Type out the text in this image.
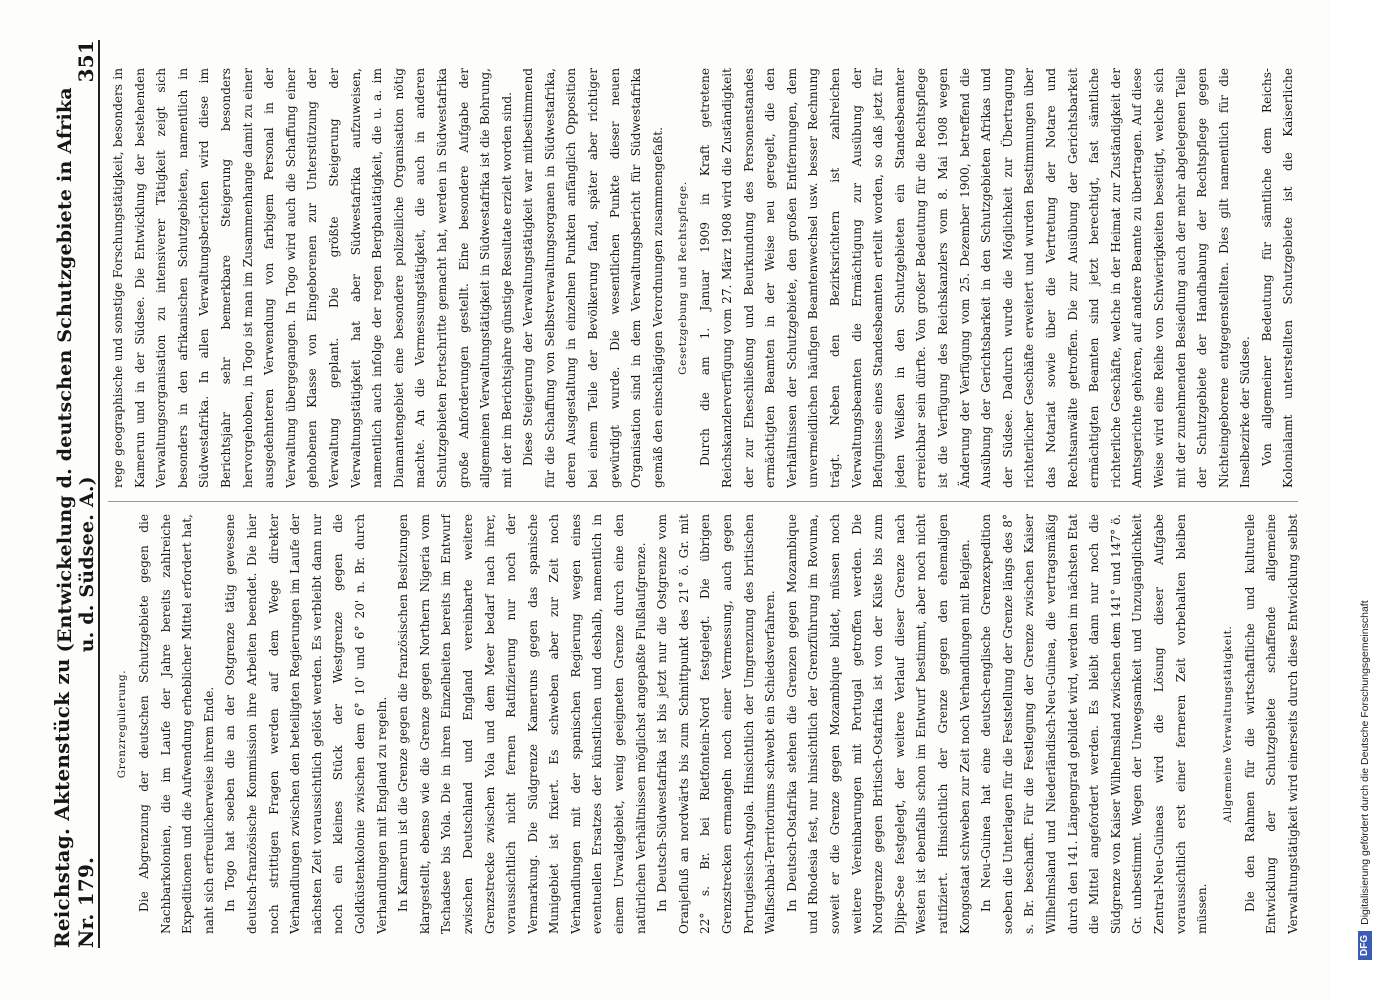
Reichstag. Aktenstück zu Nr. 179.
(Entwickelung d. deutschen Schutzgebiete in Afrika u. d. Südsee. A.)
351
Grenzregulierung. Die Abgrenzung der deutschen Schutzgebiete gegen die Nachbarkolonien, die im Laufe der Jahre bereits zahlreiche Expeditionen und die Aufwendung erheblicher Mittel erfordert hat, naht sich erfreulicherweise ihrem Ende. In Togo hat soeben die an der Ostgrenze tätig gewesene deutsch-französische Kommission ihre Arbeiten beendet. Die hier noch strittigen Fragen werden auf dem Wege direkter Verhandlungen zwischen den beteiligten Regierungen im Laufe der nächsten Zeit voraussichtlich gelöst werden. Es verbleibt dann nur noch ein kleines Stück der Westgrenze gegen die Goldküstenkolonie zwischen dem 6° 10' und 6° 20' n. Br. durch Verhandlungen mit England zu regeln. In Kamerun ist die Grenze gegen die französischen Besitzungen klargestellt, ebenso wie die Grenze gegen Northern Nigeria vom Tschadsee bis Yola. Die in ihren Einzelheiten bereits im Entwurf zwischen Deutschland und England vereinbarte weitere Grenzstrecke zwischen Yola und dem Meer bedarf nach ihrer, voraussichtlich nicht fernen Ratifizierung nur noch der Vermarkung. Die Südgrenze Kameruns gegen das spanische Munigebiet ist fixiert. Es schweben aber zur Zeit noch Verhandlungen mit der spanischen Regierung wegen eines eventuellen Ersatzes der künstlichen und deshalb, namentlich in einem Urwaldgebiet, wenig geeigneten Grenze durch eine den natürlichen Verhältnissen möglichst angepaßte Flußlaufgrenze. In Deutsch-Südwestafrika ist bis jetzt nur die Ostgrenze vom Oranjefluß an nordwärts bis zum Schnittpunkt des 21° ö. Gr. mit 22° s. Br. bei Rietfontein-Nord festgelegt. Die übrigen Grenzstrecken ermangeln noch einer Vermessung, auch gegen Portugiesisch-Angola. Hinsichtlich der Umgrenzung des britischen Walfischbai-Territoriums schwebt ein Schiedsverfahren. In Deutsch-Ostafrika stehen die Grenzen gegen Mozambique und Rhodesia fest, nur hinsichtlich der Grenzführung im Rovuma, soweit er die Grenze gegen Mozambique bildet, müssen noch weitere Vereinbarungen mit Portugal getroffen werden. Die Nordgrenze gegen Britisch-Ostafrika ist von der Küste bis zum Djipe-See festgelegt, der weitere Verlauf dieser Grenze nach Westen ist ebenfalls schon im Entwurf bestimmt, aber noch nicht ratifiziert. Hinsichtlich der Grenze gegen den ehemaligen Kongostaat schweben zur Zeit noch Verhandlungen mit Belgien. In Neu-Guinea hat eine deutsch-englische Grenzexpedition soeben die Unterlagen für die Feststellung der Grenze längs des 8° s. Br. beschafft. Für die Festlegung der Grenze zwischen Kaiser Wilhelmsland und Niederländisch-Neu-Guinea, die vertragsmäßig durch den 141. Längengrad gebildet wird, werden im nächsten Etat die Mittel angefordert werden. Es bleibt dann nur noch die Südgrenze von Kaiser Wilhelmsland zwischen dem 141° und 147° ö. Gr. unbestimmt. Wegen der Unwegsamkeit und Unzugänglichkeit Zentral-Neu-Guineas wird die Lösung dieser Aufgabe voraussichtlich erst einer ferneren Zeit vorbehalten bleiben müssen.

Allgemeine Verwaltungstätigkeit.

Die den Rahmen für die wirtschaftliche und kulturelle Entwicklung der Schutzgebiete schaffende allgemeine Verwaltungstätigkeit wird einerseits durch diese Entwicklung selbst

rege geographische und sonstige Forschungstätigkeit, besonders in Kamerun und in der Südsee. Die Entwicklung der bestehenden Verwaltungsorganisation zu intensiverer Tätigkeit zeigt sich besonders in den afrikanischen Schutzgebieten, namentlich in Südwestafrika. In allen Verwaltungsberichten wird diese im Berichtsjahr sehr bemerkbare Steigerung besonders hervorgehoben, in Togo ist man im Zusammenhange damit zu einer ausgedehnteren Verwendung von farbigem Personal in der Verwaltung übergegangen. In Togo wird auch die Schaffung einer gehobenen Klasse von Eingeborenen zur Unterstützung der Verwaltung geplant. Die größte Steigerung der Verwaltungstätigkeit hat aber Südwestafrika aufzuweisen, namentlich auch infolge der regen Bergbautätigkeit, die u. a. im Diamantengebiet eine besondere polizeiliche Organisation nötig machte. An die Vermessungstätigkeit, die auch in anderen Schutzgebieten Fortschritte gemacht hat, werden in Südwestafrika große Anforderungen gestellt. Eine besondere Aufgabe der allgemeinen Verwaltungstätigkeit in Südwestafrika ist die Bohrung, mit der im Berichtsjahre günstige Resultate erzielt worden sind. Diese Steigerung der Verwaltungstätigkeit war mitbestimmend für die Schaffung von Selbstverwaltungsorganen in Südwestafrika, deren Ausgestaltung in einzelnen Punkten anfänglich Opposition bei einem Teile der Bevölkerung fand, später aber richtiger gewürdigt wurde. Die wesentlichen Punkte dieser neuen Organisation sind in dem Verwaltungsbericht für Südwestafrika gemäß den einschlägigen Verordnungen zusammengefaßt.	Gesetzgebung und Rechtspflege. Durch die am 1. Januar 1909 in Kraft getretene Reichskanzlerverfügung vom 27. März 1908 wird die Zuständigkeit der zur Eheschließung und Beurkundung des Personenstandes ermächtigten Beamten in der Weise neu geregelt, die den Verhältnissen der Schutzgebiete, den großen Entfernungen, dem unvermeidlichen häufigen Beamtenwechsel usw. besser Rechnung trägt. Neben den Bezirksrichtern ist zahlreichen Verwaltungsbeamten die Ermächtigung zur Ausübung der Befugnisse eines Standesbeamten erteilt worden, so daß jetzt für jeden Weißen in den Schutzgebieten ein Standesbeamter erreichbar sein dürfte. Von großer Bedeutung für die Rechtspflege ist die Verfügung des Reichskanzlers vom 8. Mai 1908 wegen Änderung der Verfügung vom 25. Dezember 1900, betreffend die Ausübung der Gerichtsbarkeit in den Schutzgebieten Afrikas und der Südsee. Dadurch wurde die Möglichkeit zur Übertragung richterlicher Geschäfte erweitert und wurden Bestimmungen über das Notariat sowie über die Vertretung der Notare und Rechtsanwälte getroffen. Die zur Ausübung der Gerichtsbarkeit ermächtigten Beamten sind jetzt berechtigt, fast sämtliche richterliche Geschäfte, welche in der Heimat zur Zuständigkeit der Amtsgerichte gehören, auf andere Beamte zu übertragen. Auf diese Weise wird eine Reihe von Schwierigkeiten beseitigt, welche sich mit der zunehmenden Besiedlung auch der mehr abgelegenen Teile der Schutzgebiete der Handhabung der Rechtspflege gegen Nichteingeborene entgegenstellten. Dies gilt namentlich für die Inselbezirke der Südsee. Von allgemeiner Bedeutung für sämtliche dem Reichs-Kolonialamt unterstellten Schutzgebiete ist die Kaiserliche

DFGDigitalisierung gefördert durch die Deutsche Forschungsgemeinschaft
